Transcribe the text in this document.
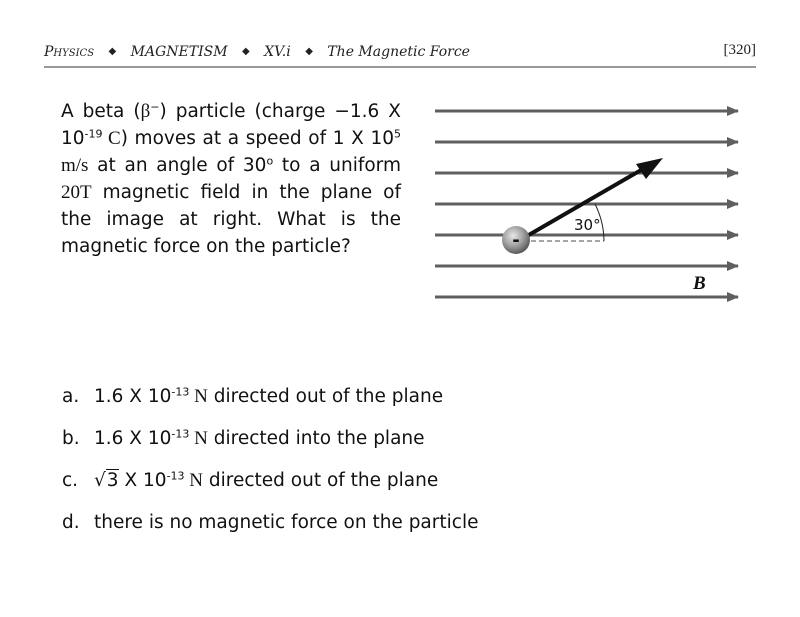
Physics ◆ MAGNETISM ◆ XV.i ◆ The Magnetic Force	[320]
A beta (β−) particle (charge −1.6 X $10^{-19}$ C) moves at a speed of 1 X $10^5$ m/s at an angle of 30$^o$ to a uniform 20T magnetic field in the plane of the image at right. What is the magnetic force on the particle?	-
30°
B
a. 1.6 X $10^{-13}$ N directed out of the plane
b. 1.6 X $10^{-13}$ N directed into the plane
c. √3 X $10^{-13}$ N directed out of the plane
d. there is no magnetic force on the particle
